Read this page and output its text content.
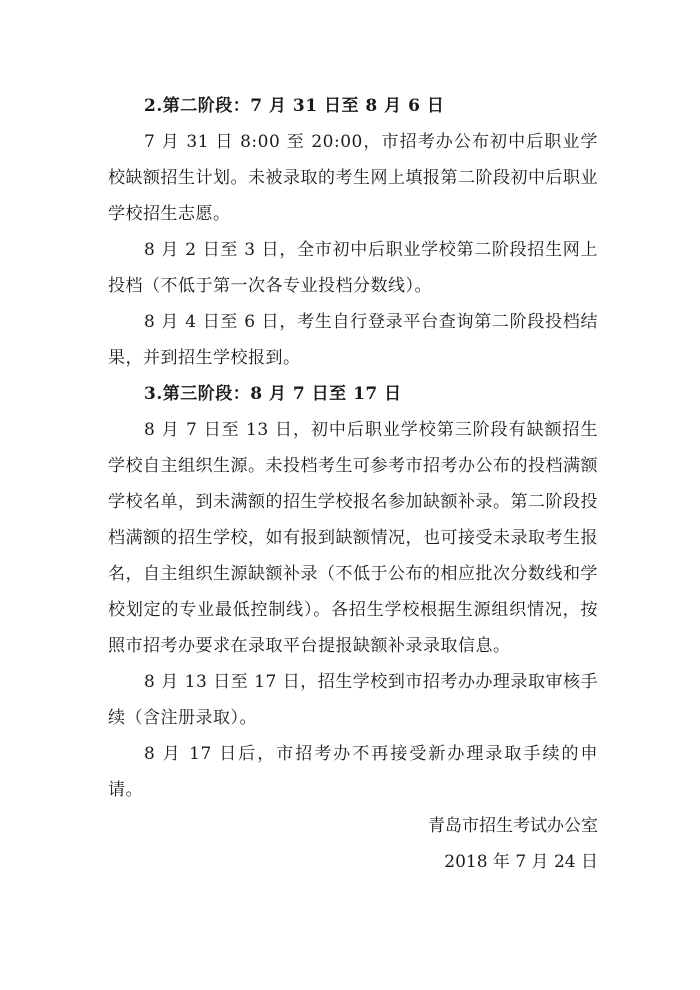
2.第二阶段：7 月 31 日至 8 月 6 日

7 月 31 日 8:00 至 20:00，市招考办公布初中后职业学校缺额招生计划。未被录取的考生网上填报第二阶段初中后职业学校招生志愿。

8 月 2 日至 3 日，全市初中后职业学校第二阶段招生网上投档（不低于第一次各专业投档分数线）。

8 月 4 日至 6 日，考生自行登录平台查询第二阶段投档结果，并到招生学校报到。

3.第三阶段：8 月 7 日至 17 日

8 月 7 日至 13 日，初中后职业学校第三阶段有缺额招生学校自主组织生源。未投档考生可参考市招考办公布的投档满额学校名单，到未满额的招生学校报名参加缺额补录。第二阶段投档满额的招生学校，如有报到缺额情况，也可接受未录取考生报名，自主组织生源缺额补录（不低于公布的相应批次分数线和学校划定的专业最低控制线）。各招生学校根据生源组织情况，按照市招考办要求在录取平台提报缺额补录录取信息。

8 月 13 日至 17 日，招生学校到市招考办办理录取审核手续（含注册录取）。

8 月 17 日后，市招考办不再接受新办理录取手续的申请。

青岛市招生考试办公室

2018 年 7 月 24 日
